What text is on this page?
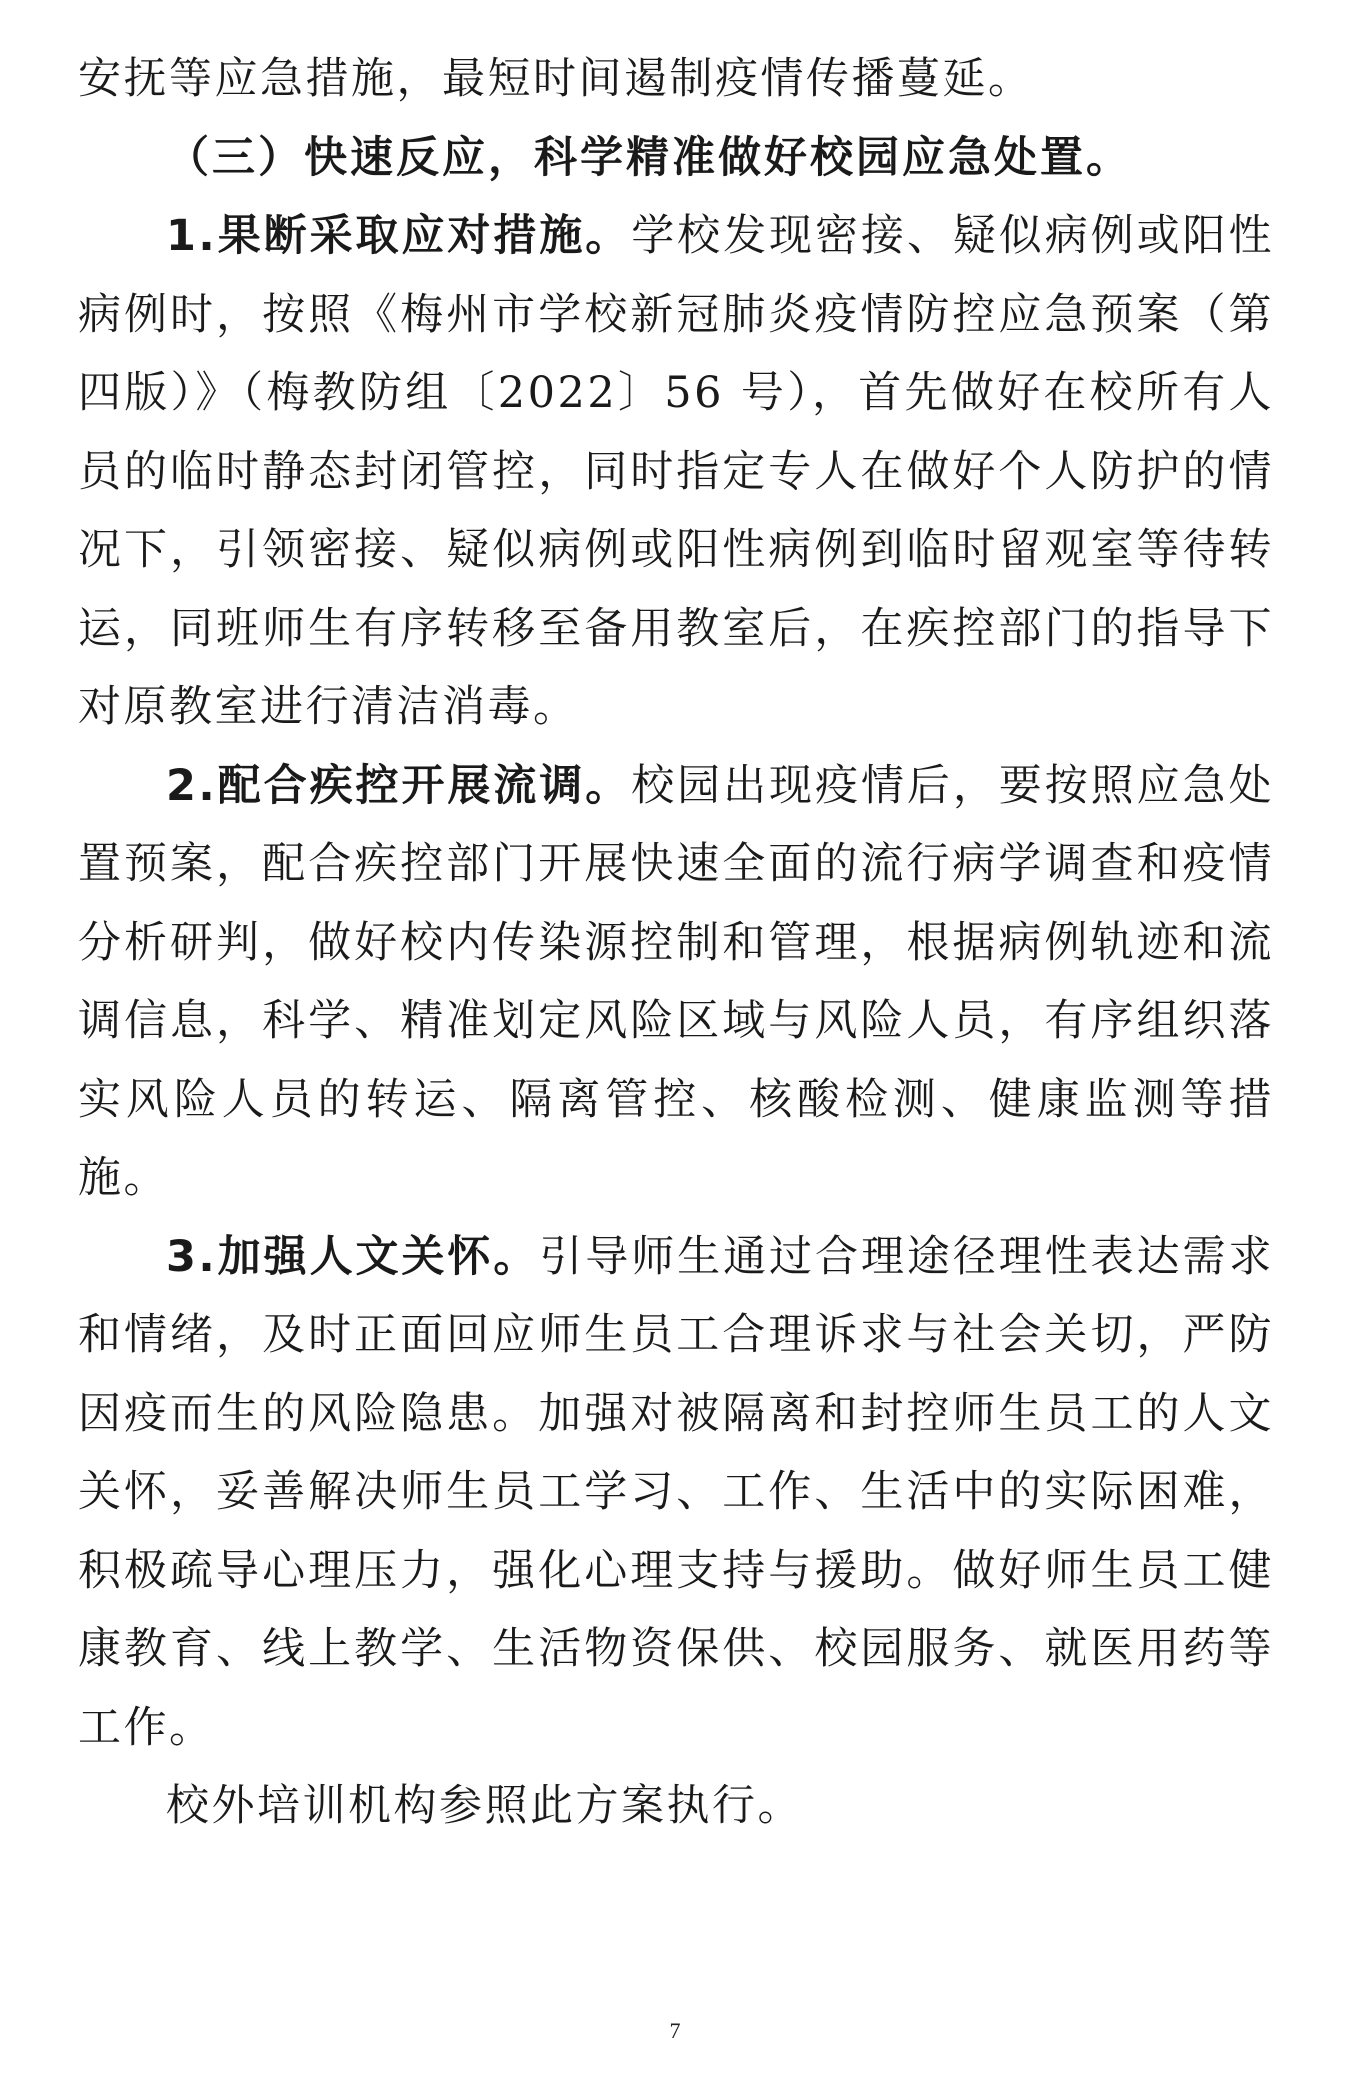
安抚等应急措施，最短时间遏制疫情传播蔓延。

（三）快速反应，科学精准做好校园应急处置。

1.果断采取应对措施。学校发现密接、疑似病例或阳性病例时，按照《梅州市学校新冠肺炎疫情防控应急预案（第四版）》（梅教防组〔2022〕56 号），首先做好在校所有人员的临时静态封闭管控，同时指定专人在做好个人防护的情况下，引领密接、疑似病例或阳性病例到临时留观室等待转运，同班师生有序转移至备用教室后，在疾控部门的指导下对原教室进行清洁消毒。

2.配合疾控开展流调。校园出现疫情后，要按照应急处置预案，配合疾控部门开展快速全面的流行病学调查和疫情分析研判，做好校内传染源控制和管理，根据病例轨迹和流调信息，科学、精准划定风险区域与风险人员，有序组织落实风险人员的转运、隔离管控、核酸检测、健康监测等措施。

3.加强人文关怀。引导师生通过合理途径理性表达需求和情绪，及时正面回应师生员工合理诉求与社会关切，严防因疫而生的风险隐患。加强对被隔离和封控师生员工的人文关怀，妥善解决师生员工学习、工作、生活中的实际困难，积极疏导心理压力，强化心理支持与援助。做好师生员工健康教育、线上教学、生活物资保供、校园服务、就医用药等工作。

校外培训机构参照此方案执行。

7
